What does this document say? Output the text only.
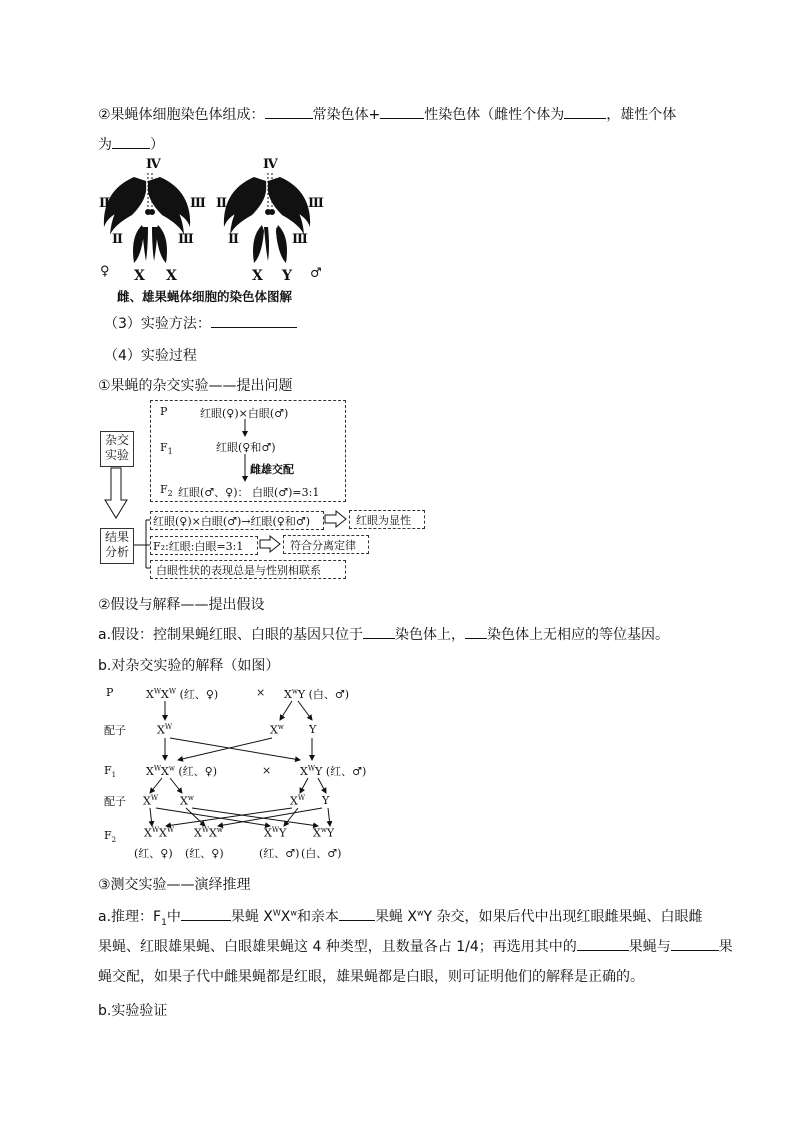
②果蝇体细胞染色体组成：	常染色体+	性染色体（雌性个体为	，雄性个体
为	）
Ⅳ	Ⅳ
Ⅱ	Ⅲ Ⅱ	Ⅲ
Ⅱ	Ⅲ	Ⅱ	Ⅲ
♀ X X	X Y ♂
雌、雄果蝇体细胞的染色体图解
（3）实验方法：
（4）实验过程
①果蝇的杂交实验——提出问题
杂交实验
P	红眼(♀)×白眼(♂)
$F_1$	红眼(♀和♂)
雌雄交配
$F_2$ 红眼(♂、♀)： 白眼(♂)=3:1
结果分析
红眼(♀)×白眼(♂)→红眼(♀和♂)	红眼为显性
F₂:红眼:白眼=3:1	符合分离定律
白眼性状的表现总是与性别相联系
②假设与解释——提出假设
a.假设：控制果蝇红眼、白眼的基因只位于 染色体上， 染色体上无相应的等位基因。
b.对杂交实验的解释（如图）
P	$X^WX^W$ (红、♀)	× $X^wY$ (白、♂)
配子	$X^W$	$X^w$ Y
$F_1$	$X^WX^w$ (红、♀)	×	$X^WY$ (红、♂)
配子 $X^W$ $X^w$	$X^W$ Y
$F_2$
$X^WX^W$ $X^WX^w$	$X^WY$ $X^wY$
(红、♀) (红、♀)	(红、♂) (白、♂)
③测交实验——演绎推理
a.推理：$F_1$中	果蝇 $X^WX^w$和亲本	果蝇 $X^wY$ 杂交，如果后代中出现红眼雌果蝇、白眼雌
果蝇、红眼雄果蝇、白眼雄果蝇这 4 种类型，且数量各占 1/4；再选用其中的	果蝇与	果
蝇交配，如果子代中雌果蝇都是红眼，雄果蝇都是白眼，则可证明他们的解释是正确的。
b.实验验证
